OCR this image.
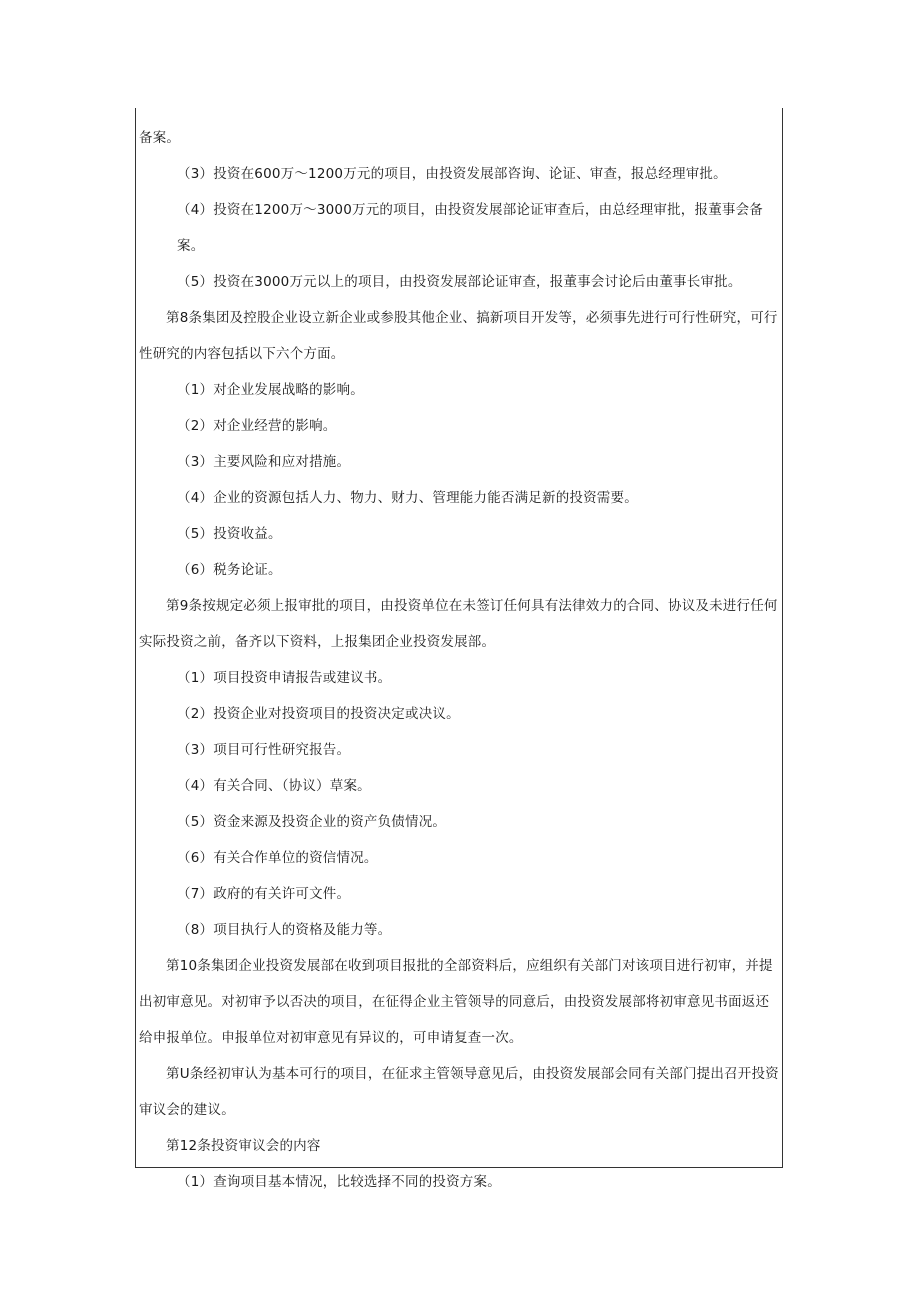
备案。

（3）投资在600万～1200万元的项目，由投资发展部咨询、论证、审查，报总经理审批。

（4）投资在1200万～3000万元的项目，由投资发展部论证审查后，由总经理审批，报董事会备案。

（5）投资在3000万元以上的项目，由投资发展部论证审查，报董事会讨论后由董事长审批。

第8条集团及控股企业设立新企业或参股其他企业、搞新项目开发等，必须事先进行可行性研究，可行性研究的内容包括以下六个方面。

（1）对企业发展战略的影响。

（2）对企业经营的影响。

（3）主要风险和应对措施。

（4）企业的资源包括人力、物力、财力、管理能力能否满足新的投资需要。

（5）投资收益。

（6）税务论证。

第9条按规定必须上报审批的项目，由投资单位在未签订任何具有法律效力的合同、协议及未进行任何实际投资之前，备齐以下资料，上报集团企业投资发展部。

（1）项目投资申请报告或建议书。

（2）投资企业对投资项目的投资决定或决议。

（3）项目可行性研究报告。

（4）有关合同、（协议）草案。

（5）资金来源及投资企业的资产负债情况。

（6）有关合作单位的资信情况。

（7）政府的有关许可文件。

（8）项目执行人的资格及能力等。

第10条集团企业投资发展部在收到项目报批的全部资料后，应组织有关部门对该项目进行初审，并提出初审意见。对初审予以否决的项目，在征得企业主管领导的同意后，由投资发展部将初审意见书面返还给申报单位。申报单位对初审意见有异议的，可申请复查一次。

第U条经初审认为基本可行的项目，在征求主管领导意见后，由投资发展部会同有关部门提出召开投资审议会的建议。

第12条投资审议会的内容

（1）查询项目基本情况，比较选择不同的投资方案。
